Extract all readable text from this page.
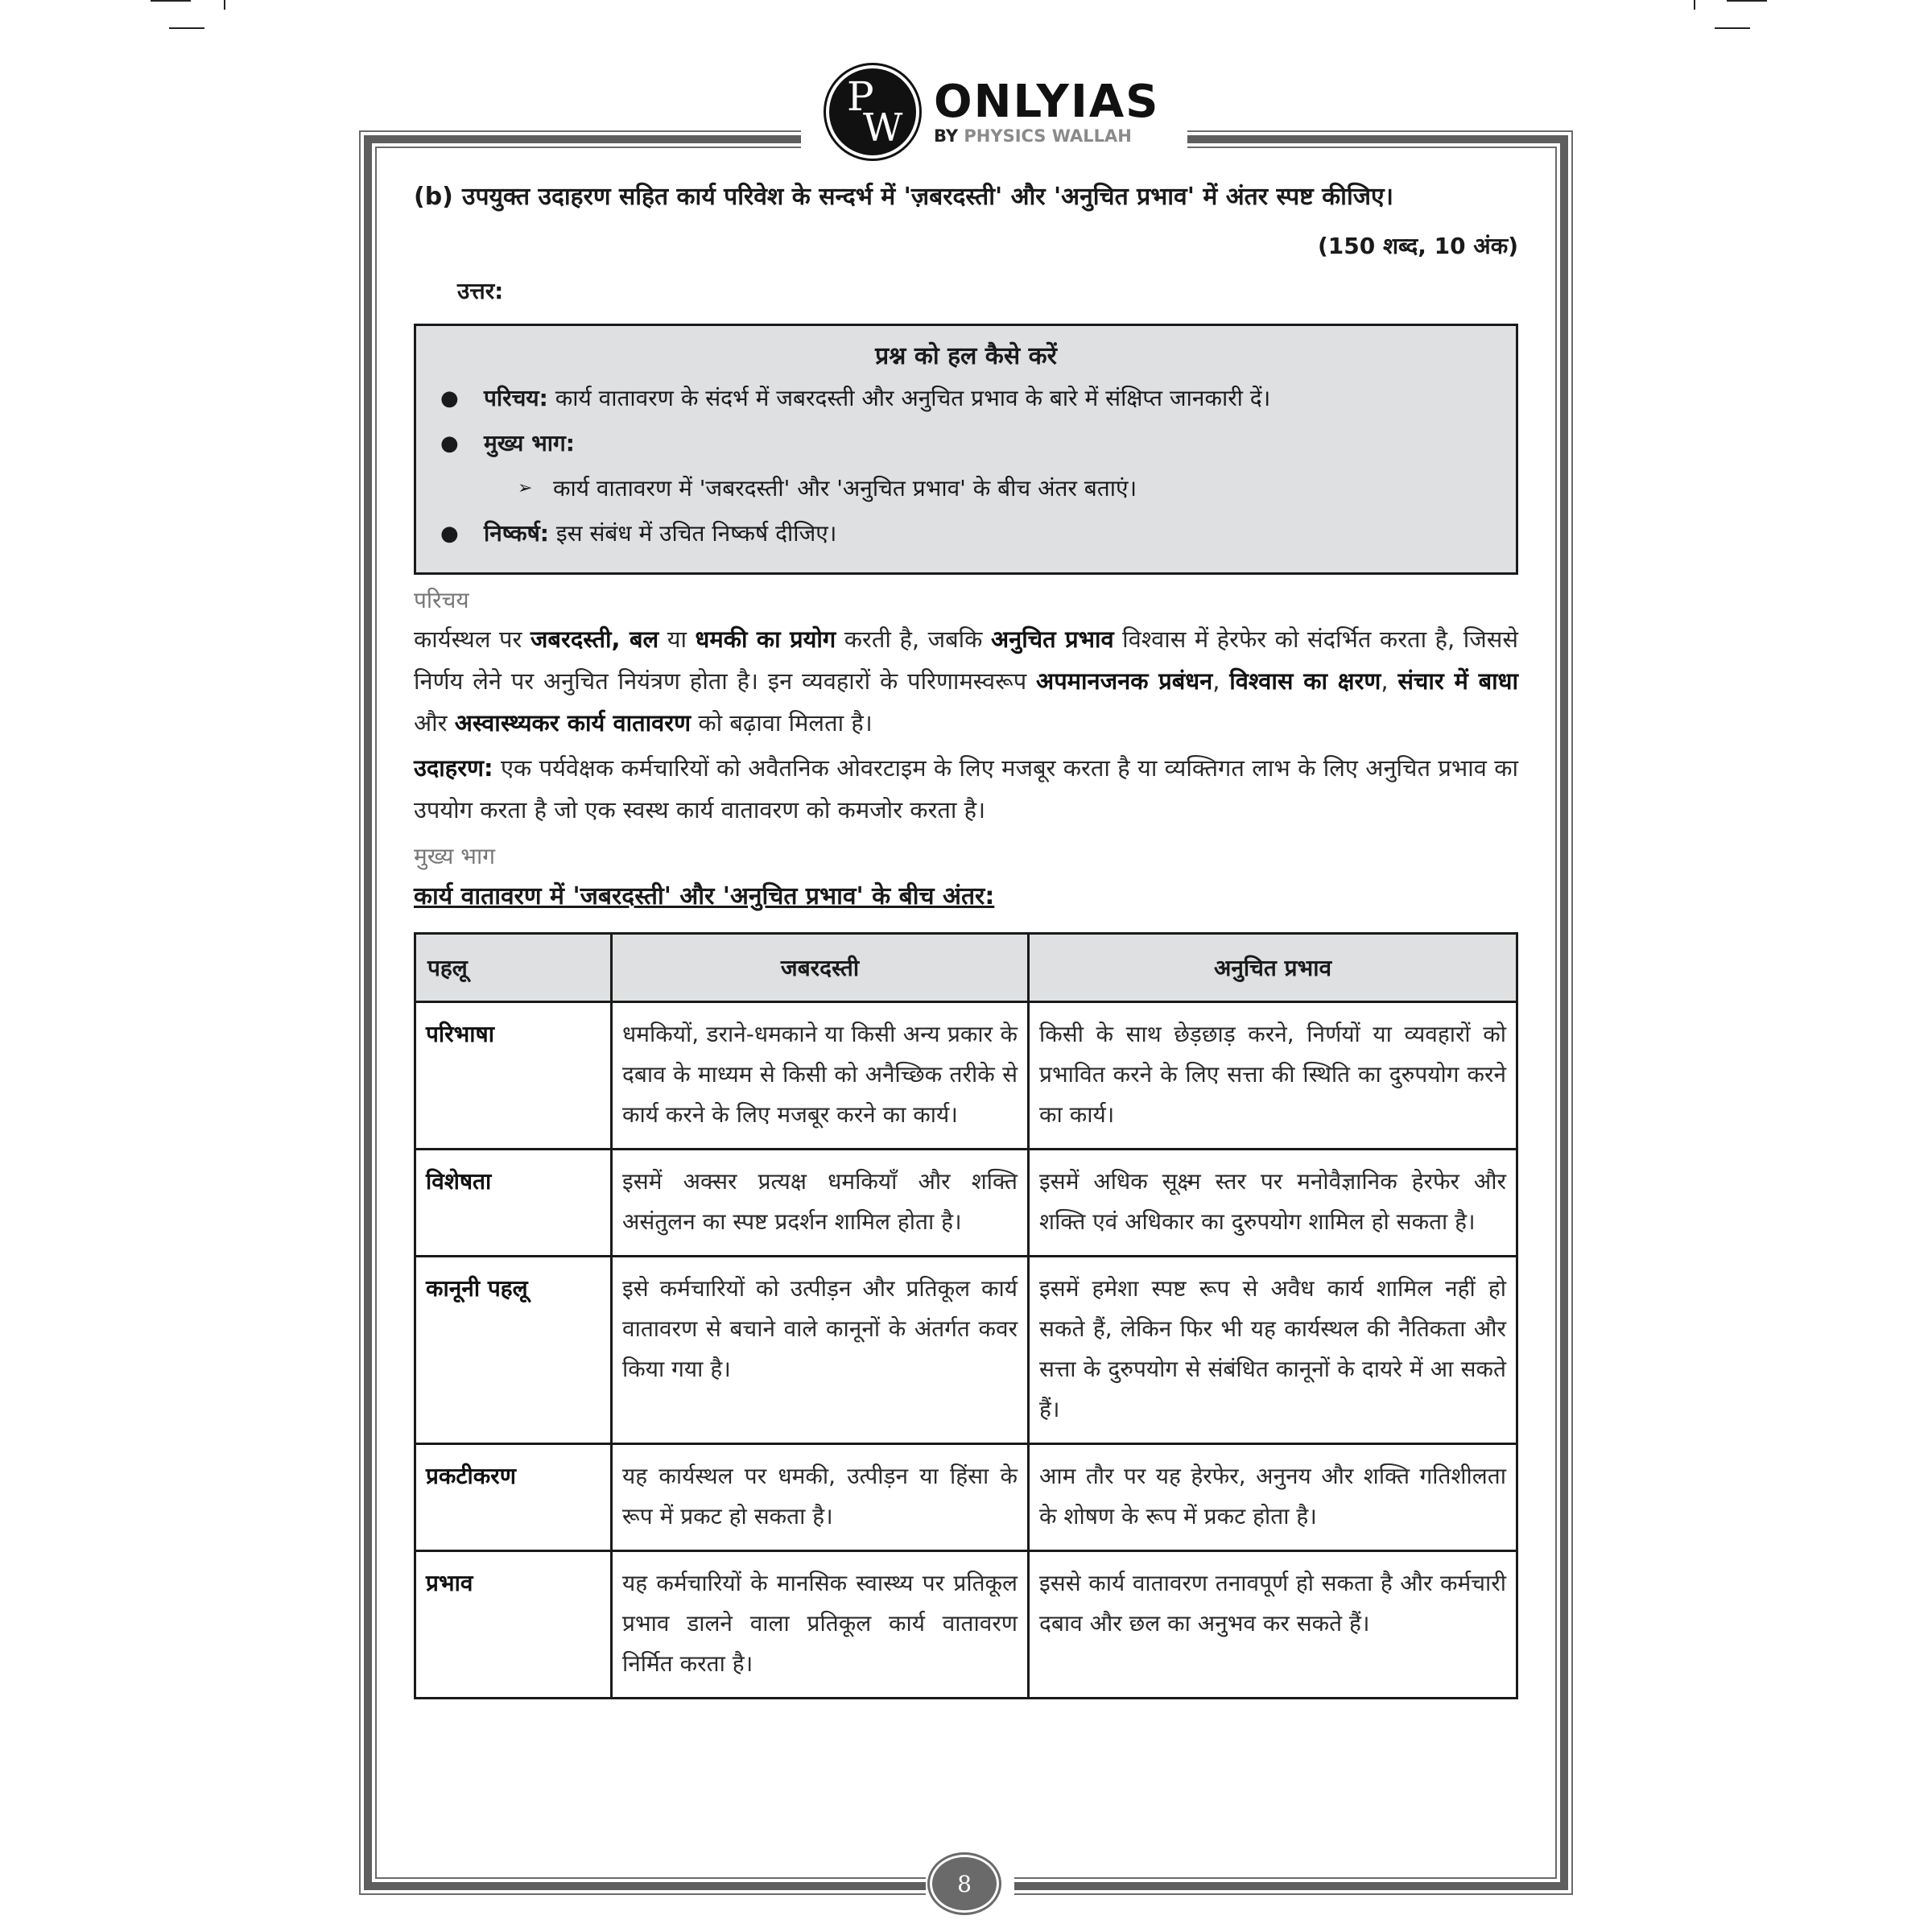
P
W
ONLYIAS
BY PHYSICS WALLAH
(b) उपयुक्त उदाहरण सहित कार्य परिवेश के सन्दर्भ में 'ज़बरदस्ती' और 'अनुचित प्रभाव' में अंतर स्पष्ट कीजिए।
(150 शब्द, 10 अंक)
उत्तर:
प्रश्न को हल कैसे करें
●	परिचय: कार्य वातावरण के संदर्भ में जबरदस्ती और अनुचित प्रभाव के बारे में संक्षिप्त जानकारी दें।
●	मुख्य भाग:
➢ कार्य वातावरण में 'जबरदस्ती' और 'अनुचित प्रभाव' के बीच अंतर बताएं।
●	निष्कर्ष: इस संबंध में उचित निष्कर्ष दीजिए।
परिचय
कार्यस्थल पर जबरदस्ती, बल या धमकी का प्रयोग करती है, जबकि अनुचित प्रभाव विश्वास में हेरफेर को संदर्भित करता है, जिससे निर्णय लेने पर अनुचित नियंत्रण होता है। इन व्यवहारों के परिणामस्वरूप अपमानजनक प्रबंधन, विश्वास का क्षरण, संचार में बाधा और अस्वास्थ्यकर कार्य वातावरण को बढ़ावा मिलता है।
उदाहरण: एक पर्यवेक्षक कर्मचारियों को अवैतनिक ओवरटाइम के लिए मजबूर करता है या व्यक्तिगत लाभ के लिए अनुचित प्रभाव का उपयोग करता है जो एक स्वस्थ कार्य वातावरण को कमजोर करता है।
मुख्य भाग
कार्य वातावरण में 'जबरदस्ती' और 'अनुचित प्रभाव' के बीच अंतर:
पहलू	जबरदस्ती	अनुचित प्रभाव
परिभाषा	धमकियों, डराने-धमकाने या किसी अन्य प्रकार के दबाव के माध्यम से किसी को अनैच्छिक तरीके से कार्य करने के लिए मजबूर करने का कार्य।	किसी के साथ छेड़छाड़ करने, निर्णयों या व्यवहारों को प्रभावित करने के लिए सत्ता की स्थिति का दुरुपयोग करने का कार्य।
विशेषता	इसमें अक्सर प्रत्यक्ष धमकियाँ और शक्ति असंतुलन का स्पष्ट प्रदर्शन शामिल होता है।	इसमें अधिक सूक्ष्म स्तर पर मनोवैज्ञानिक हेरफेर और शक्ति एवं अधिकार का दुरुपयोग शामिल हो सकता है।
कानूनी पहलू	इसे कर्मचारियों को उत्पीड़न और प्रतिकूल कार्य वातावरण से बचाने वाले कानूनों के अंतर्गत कवर किया गया है।	इसमें हमेशा स्पष्ट रूप से अवैध कार्य शामिल नहीं हो सकते हैं, लेकिन फिर भी यह कार्यस्थल की नैतिकता और सत्ता के दुरुपयोग से संबंधित कानूनों के दायरे में आ सकते हैं।
प्रकटीकरण	यह कार्यस्थल पर धमकी, उत्पीड़न या हिंसा के रूप में प्रकट हो सकता है।	आम तौर पर यह हेरफेर, अनुनय और शक्ति गतिशीलता के शोषण के रूप में प्रकट होता है।
प्रभाव	यह कर्मचारियों के मानसिक स्वास्थ्य पर प्रतिकूल प्रभाव डालने वाला प्रतिकूल कार्य वातावरण निर्मित करता है।	इससे कार्य वातावरण तनावपूर्ण हो सकता है और कर्मचारी दबाव और छल का अनुभव कर सकते हैं।
8
